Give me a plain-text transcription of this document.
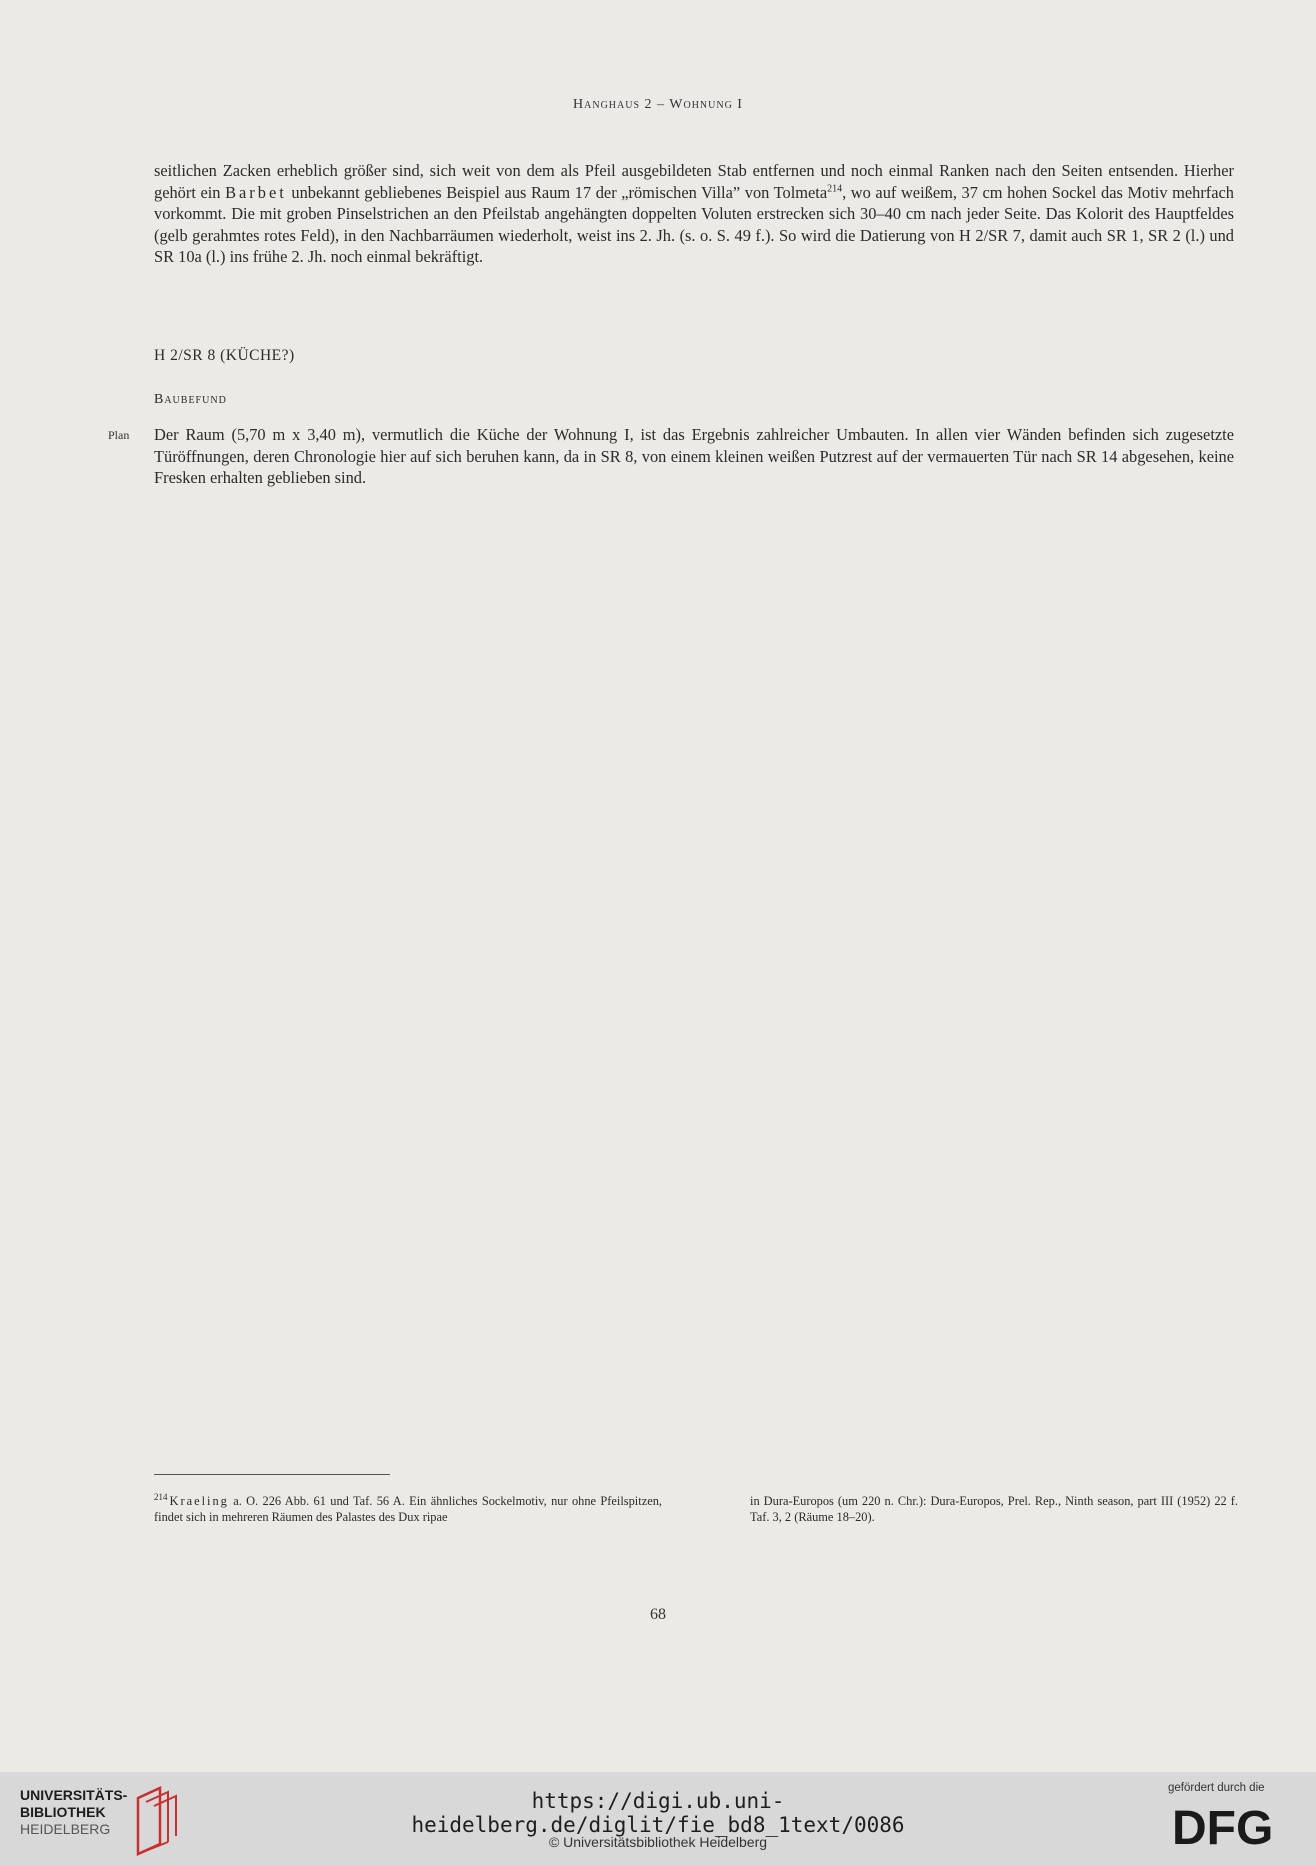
Hanghaus 2 – Wohnung I
seitlichen Zacken erheblich größer sind, sich weit von dem als Pfeil ausgebildeten Stab entfernen und noch einmal Ranken nach den Seiten entsenden. Hierher gehört ein Barbet unbekannt gebliebenes Beispiel aus Raum 17 der „römischen Villa” von Tolmeta$^{214}$, wo auf weißem, 37 cm hohen Sockel das Motiv mehrfach vorkommt. Die mit groben Pinselstrichen an den Pfeilstab angehängten doppelten Voluten erstrecken sich 30–40 cm nach jeder Seite. Das Kolorit des Hauptfeldes (gelb gerahmtes rotes Feld), in den Nachbarräumen wiederholt, weist ins 2. Jh. (s. o. S. 49 f.). So wird die Datierung von H 2/SR 7, damit auch SR 1, SR 2 (l.) und SR 10a (l.) ins frühe 2. Jh. noch einmal bekräftigt.
H 2/SR 8 (KÜCHE?)
Baubefund
Plan Der Raum (5,70 m x 3,40 m), vermutlich die Küche der Wohnung I, ist das Ergebnis zahlreicher Umbauten. In allen vier Wänden befinden sich zugesetzte Türöffnungen, deren Chronologie hier auf sich beruhen kann, da in SR 8, von einem kleinen weißen Putzrest auf der vermauerten Tür nach SR 14 abgesehen, keine Fresken erhalten geblieben sind.
$^{214}$ Kraeling a. O. 226 Abb. 61 und Taf. 56 A. Ein ähnliches Sockelmotiv, nur ohne Pfeilspitzen, findet sich in mehreren Räumen des Palastes des Dux ripae
in Dura-Europos (um 220 n. Chr.): Dura-Europos, Prel. Rep., Ninth season, part III (1952) 22 f. Taf. 3, 2 (Räume 18–20).
68
UNIVERSITÄTS-
BIBLIOTHEK
HEIDELBERG
https://digi.ub.uni-heidelberg.de/diglit/fie_bd8_1text/0086
© Universitätsbibliothek Heidelberg
gefördert durch die
DFG
